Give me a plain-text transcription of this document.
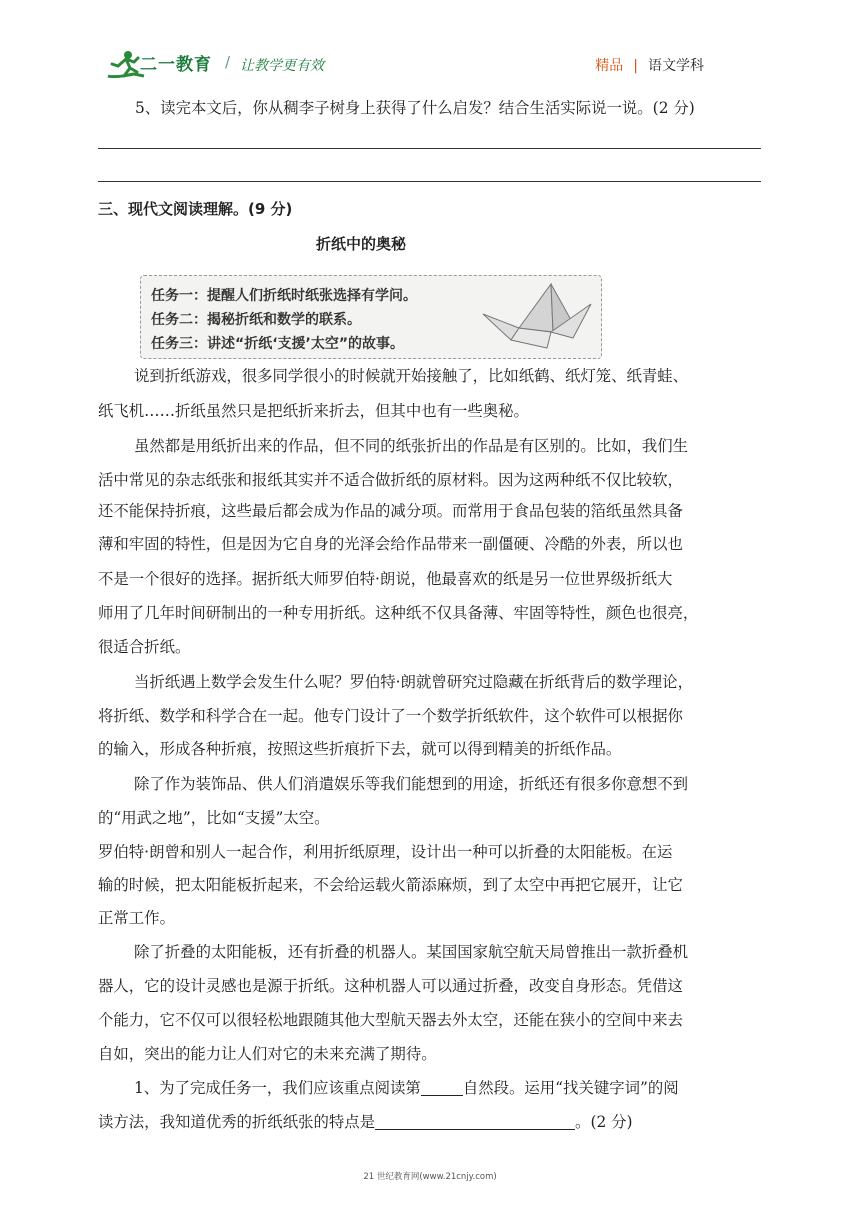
二一教育 / 让教学更有效	精品 | 语文学科
5、读完本文后，你从稠李子树身上获得了什么启发？结合生活实际说一说。(2 分)
三、现代文阅读理解。(9 分)
折纸中的奥秘
任务一：提醒人们折纸时纸张选择有学问。
任务二：揭秘折纸和数学的联系。
任务三：讲述“折纸‘支援’太空”的故事。
说到折纸游戏，很多同学很小的时候就开始接触了，比如纸鹤、纸灯笼、纸青蛙、
纸飞机……折纸虽然只是把纸折来折去，但其中也有一些奥秘。
虽然都是用纸折出来的作品，但不同的纸张折出的作品是有区别的。比如，我们生
活中常见的杂志纸张和报纸其实并不适合做折纸的原材料。因为这两种纸不仅比较软，
还不能保持折痕，这些最后都会成为作品的减分项。而常用于食品包装的箔纸虽然具备
薄和牢固的特性，但是因为它自身的光泽会给作品带来一副僵硬、冷酷的外表，所以也
不是一个很好的选择。据折纸大师罗伯特·朗说，他最喜欢的纸是另一位世界级折纸大
师用了几年时间研制出的一种专用折纸。这种纸不仅具备薄、牢固等特性，颜色也很亮，
很适合折纸。
当折纸遇上数学会发生什么呢？罗伯特·朗就曾研究过隐藏在折纸背后的数学理论，
将折纸、数学和科学合在一起。他专门设计了一个数学折纸软件，这个软件可以根据你
的输入，形成各种折痕，按照这些折痕折下去，就可以得到精美的折纸作品。
除了作为装饰品、供人们消遣娱乐等我们能想到的用途，折纸还有很多你意想不到
的“用武之地”，比如“支援”太空。
罗伯特·朗曾和别人一起合作，利用折纸原理，设计出一种可以折叠的太阳能板。在运
输的时候，把太阳能板折起来，不会给运载火箭添麻烦，到了太空中再把它展开，让它
正常工作。
除了折叠的太阳能板，还有折叠的机器人。某国国家航空航天局曾推出一款折叠机
器人，它的设计灵感也是源于折纸。这种机器人可以通过折叠，改变自身形态。凭借这
个能力，它不仅可以很轻松地跟随其他大型航天器去外太空，还能在狭小的空间中来去
自如，突出的能力让人们对它的未来充满了期待。
1、为了完成任务一，我们应该重点阅读第	自然段。运用“找关键字词”的阅
读方法，我知道优秀的折纸纸张的特点是	。(2 分)
21 世纪教育网(www.21cnjy.com)
